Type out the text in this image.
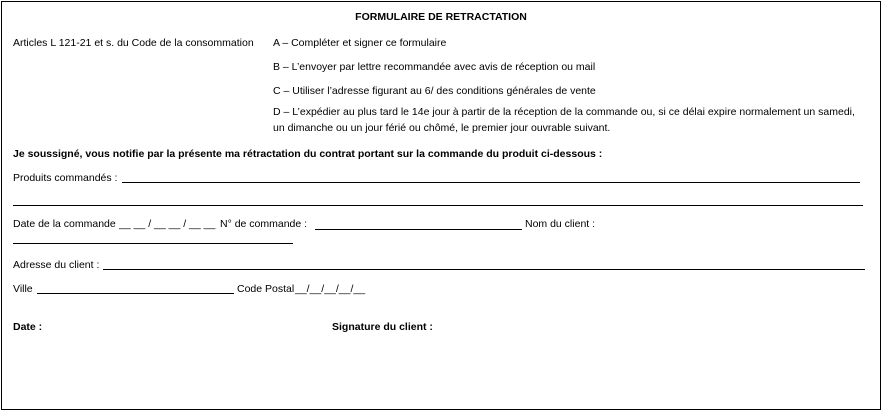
FORMULAIRE DE RETRACTATION
Articles L 121-21 et s. du Code de la consommation A – Compléter et signer ce formulaire
B – L’envoyer par lettre recommandée avec avis de réception ou mail
C – Utiliser l’adresse figurant au 6/ des conditions générales de vente
D – L’expédier au plus tard le 14e jour à partir de la réception de la commande ou, si ce délai expire normalement un samedi, un dimanche ou un jour férié ou chômé, le premier jour ouvrable suivant.
Je soussigné, vous notifie par la présente ma rétractation du contrat portant sur la commande du produit ci-dessous :
Produits commandés :
Date de la commande __ __ / __ __ / __ __ N° de commande :	Nom du client :
Adresse du client :
Ville	Code Postal __/__/__/__/__
Date :	Signature du client :
